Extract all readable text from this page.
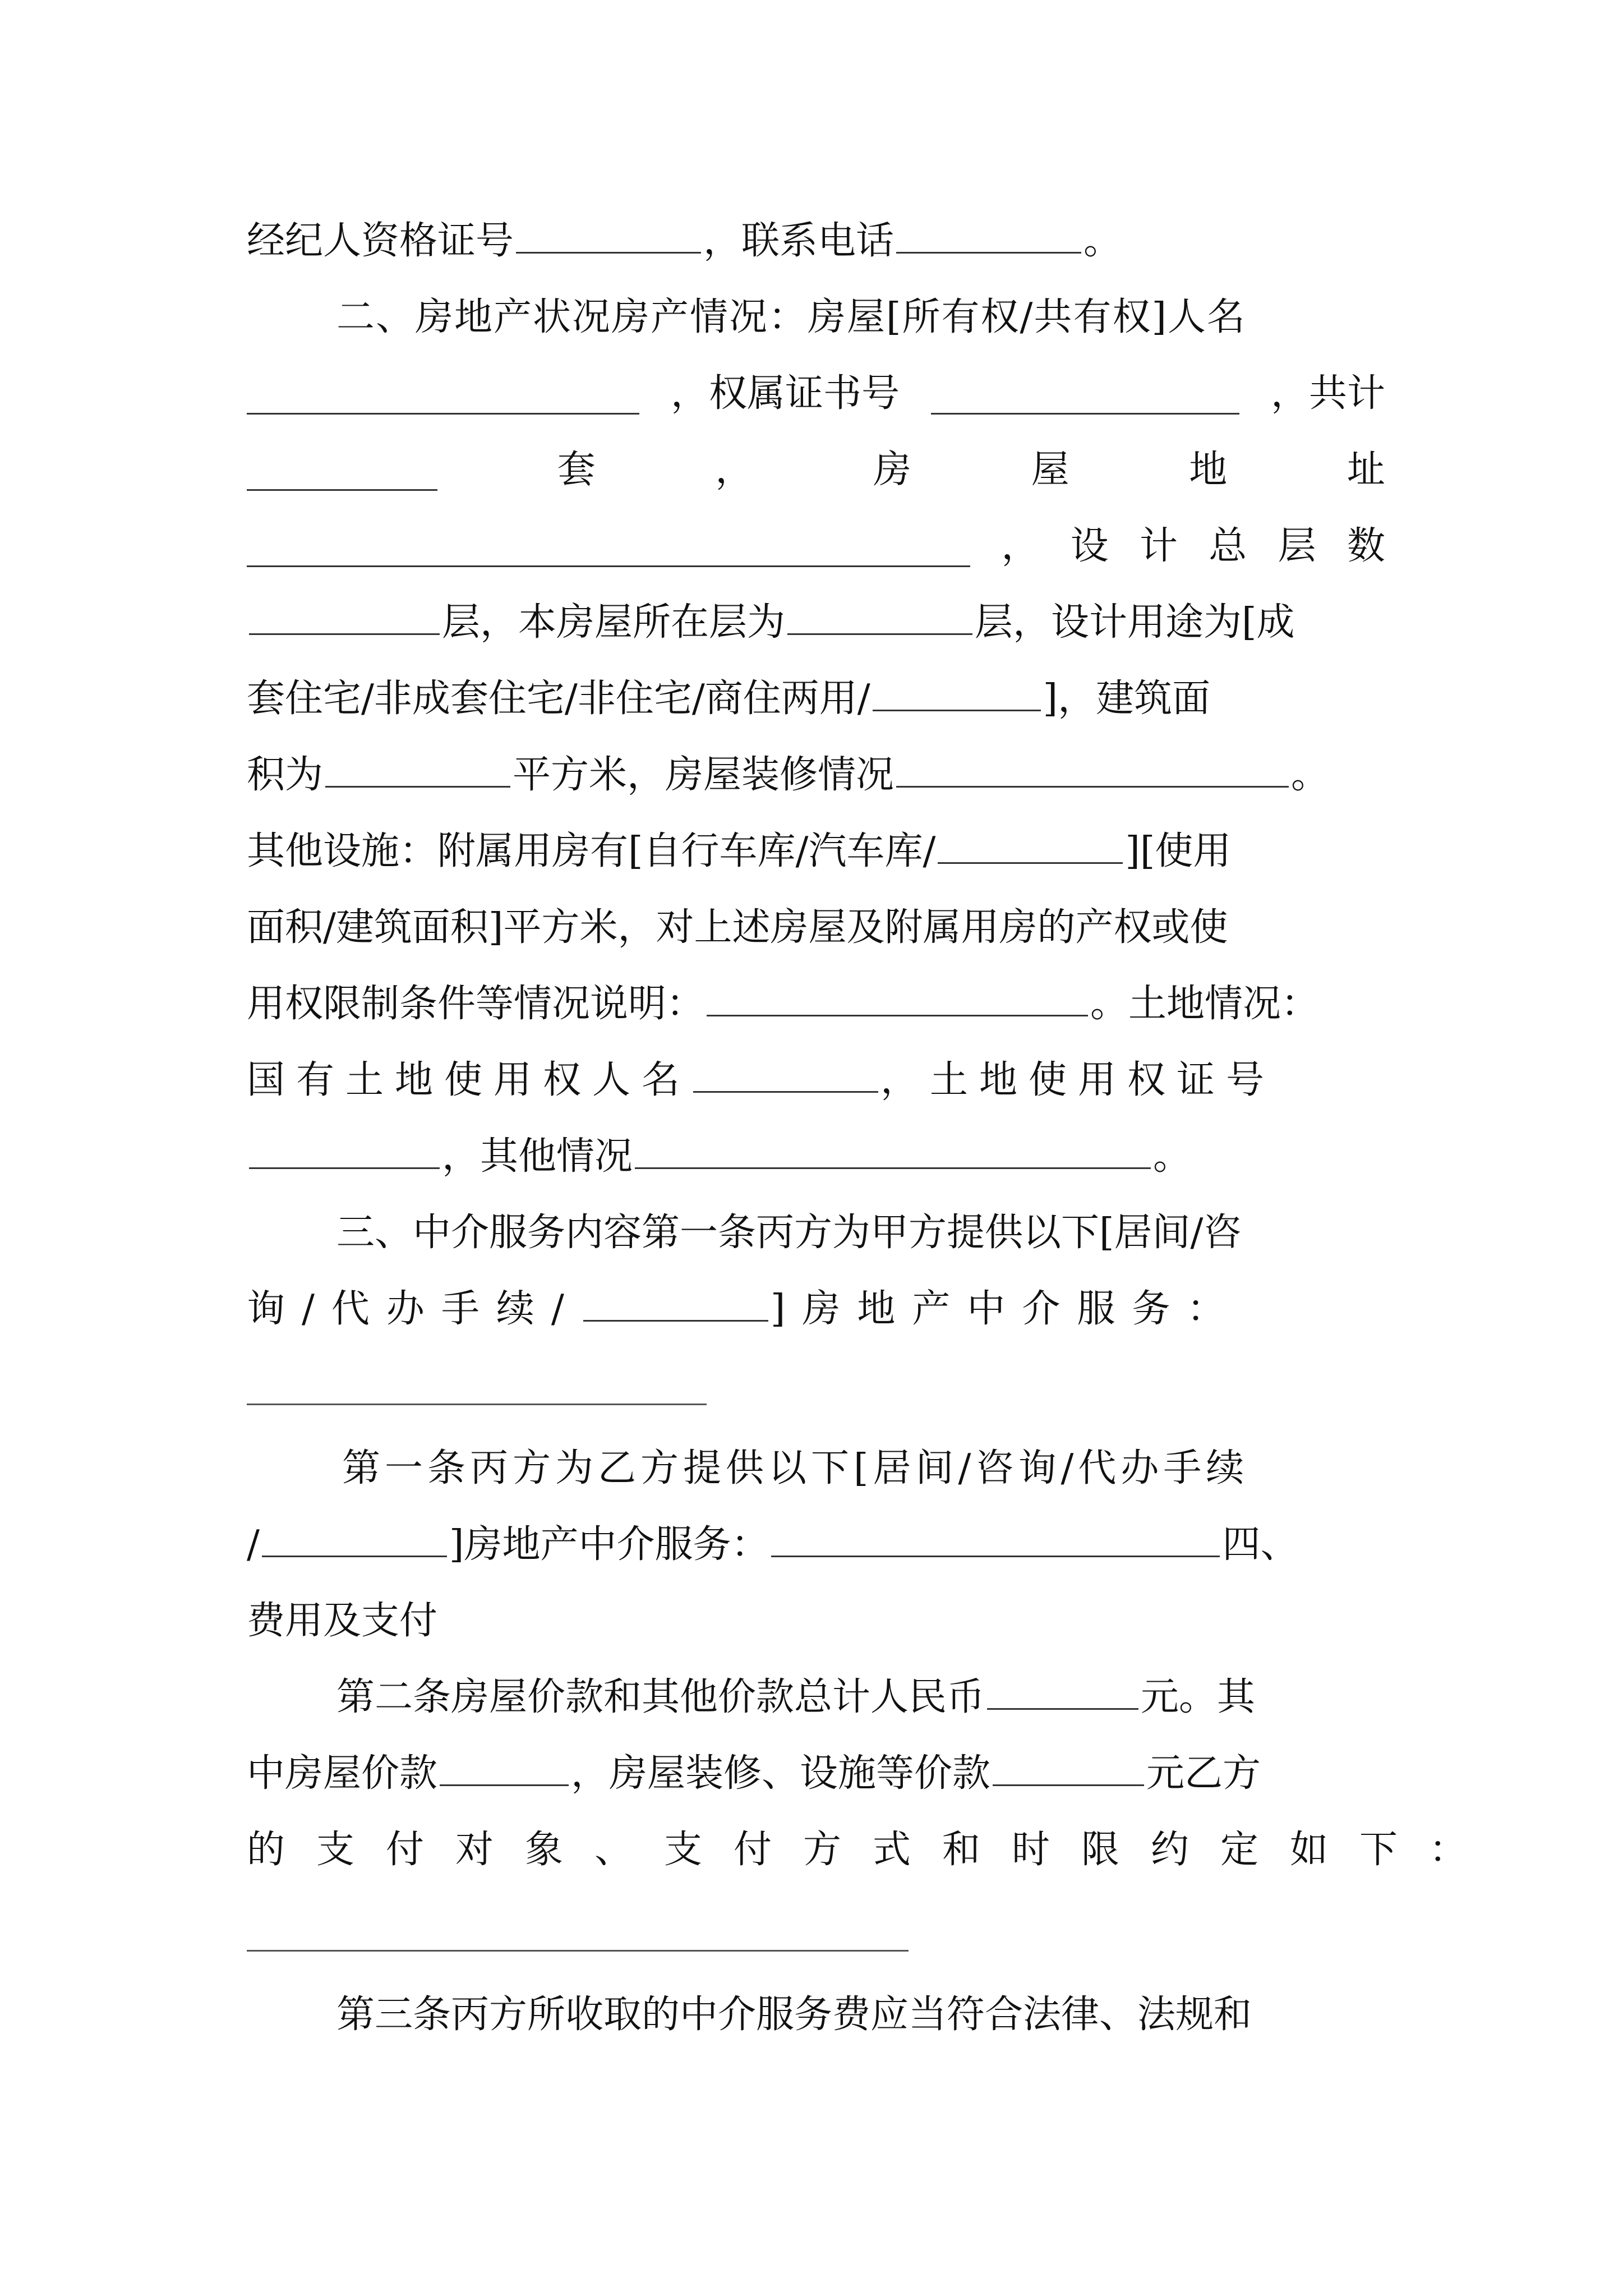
经纪人资格证号	，联系电话	。
二、房地产状况房产情况：房屋[所有权/共有权]人名
，权属证书号	，共计
套	，	房	屋	地	址
， 设 计 总 层 数
层，本房屋所在层为	层，设计用途为[成
套住宅/非成套住宅/非住宅/商住两用/	]，建筑面
积为	平方米，房屋装修情况	。
其他设施：附属用房有[自行车库/汽车库/	][使用
面积/建筑面积]平方米，对上述房屋及附属用房的产权或使
用权限制条件等情况说明：	。土地情况：
国有土地使用权人名	，土地使用权证号
，其他情况	。
三、中介服务内容第一条丙方为甲方提供以下[居间/咨
询/代办手续/	]房地产中介服务：
第一条丙方为乙方提供以下[居间/咨询/代办手续
/	]房地产中介服务：	四、
费用及支付
第二条房屋价款和其他价款总计人民币	元。其
中房屋价款	，房屋装修、设施等价款	元乙方
的支付对象、支付方式和时限约定如下：
第三条丙方所收取的中介服务费应当符合法律、法规和
